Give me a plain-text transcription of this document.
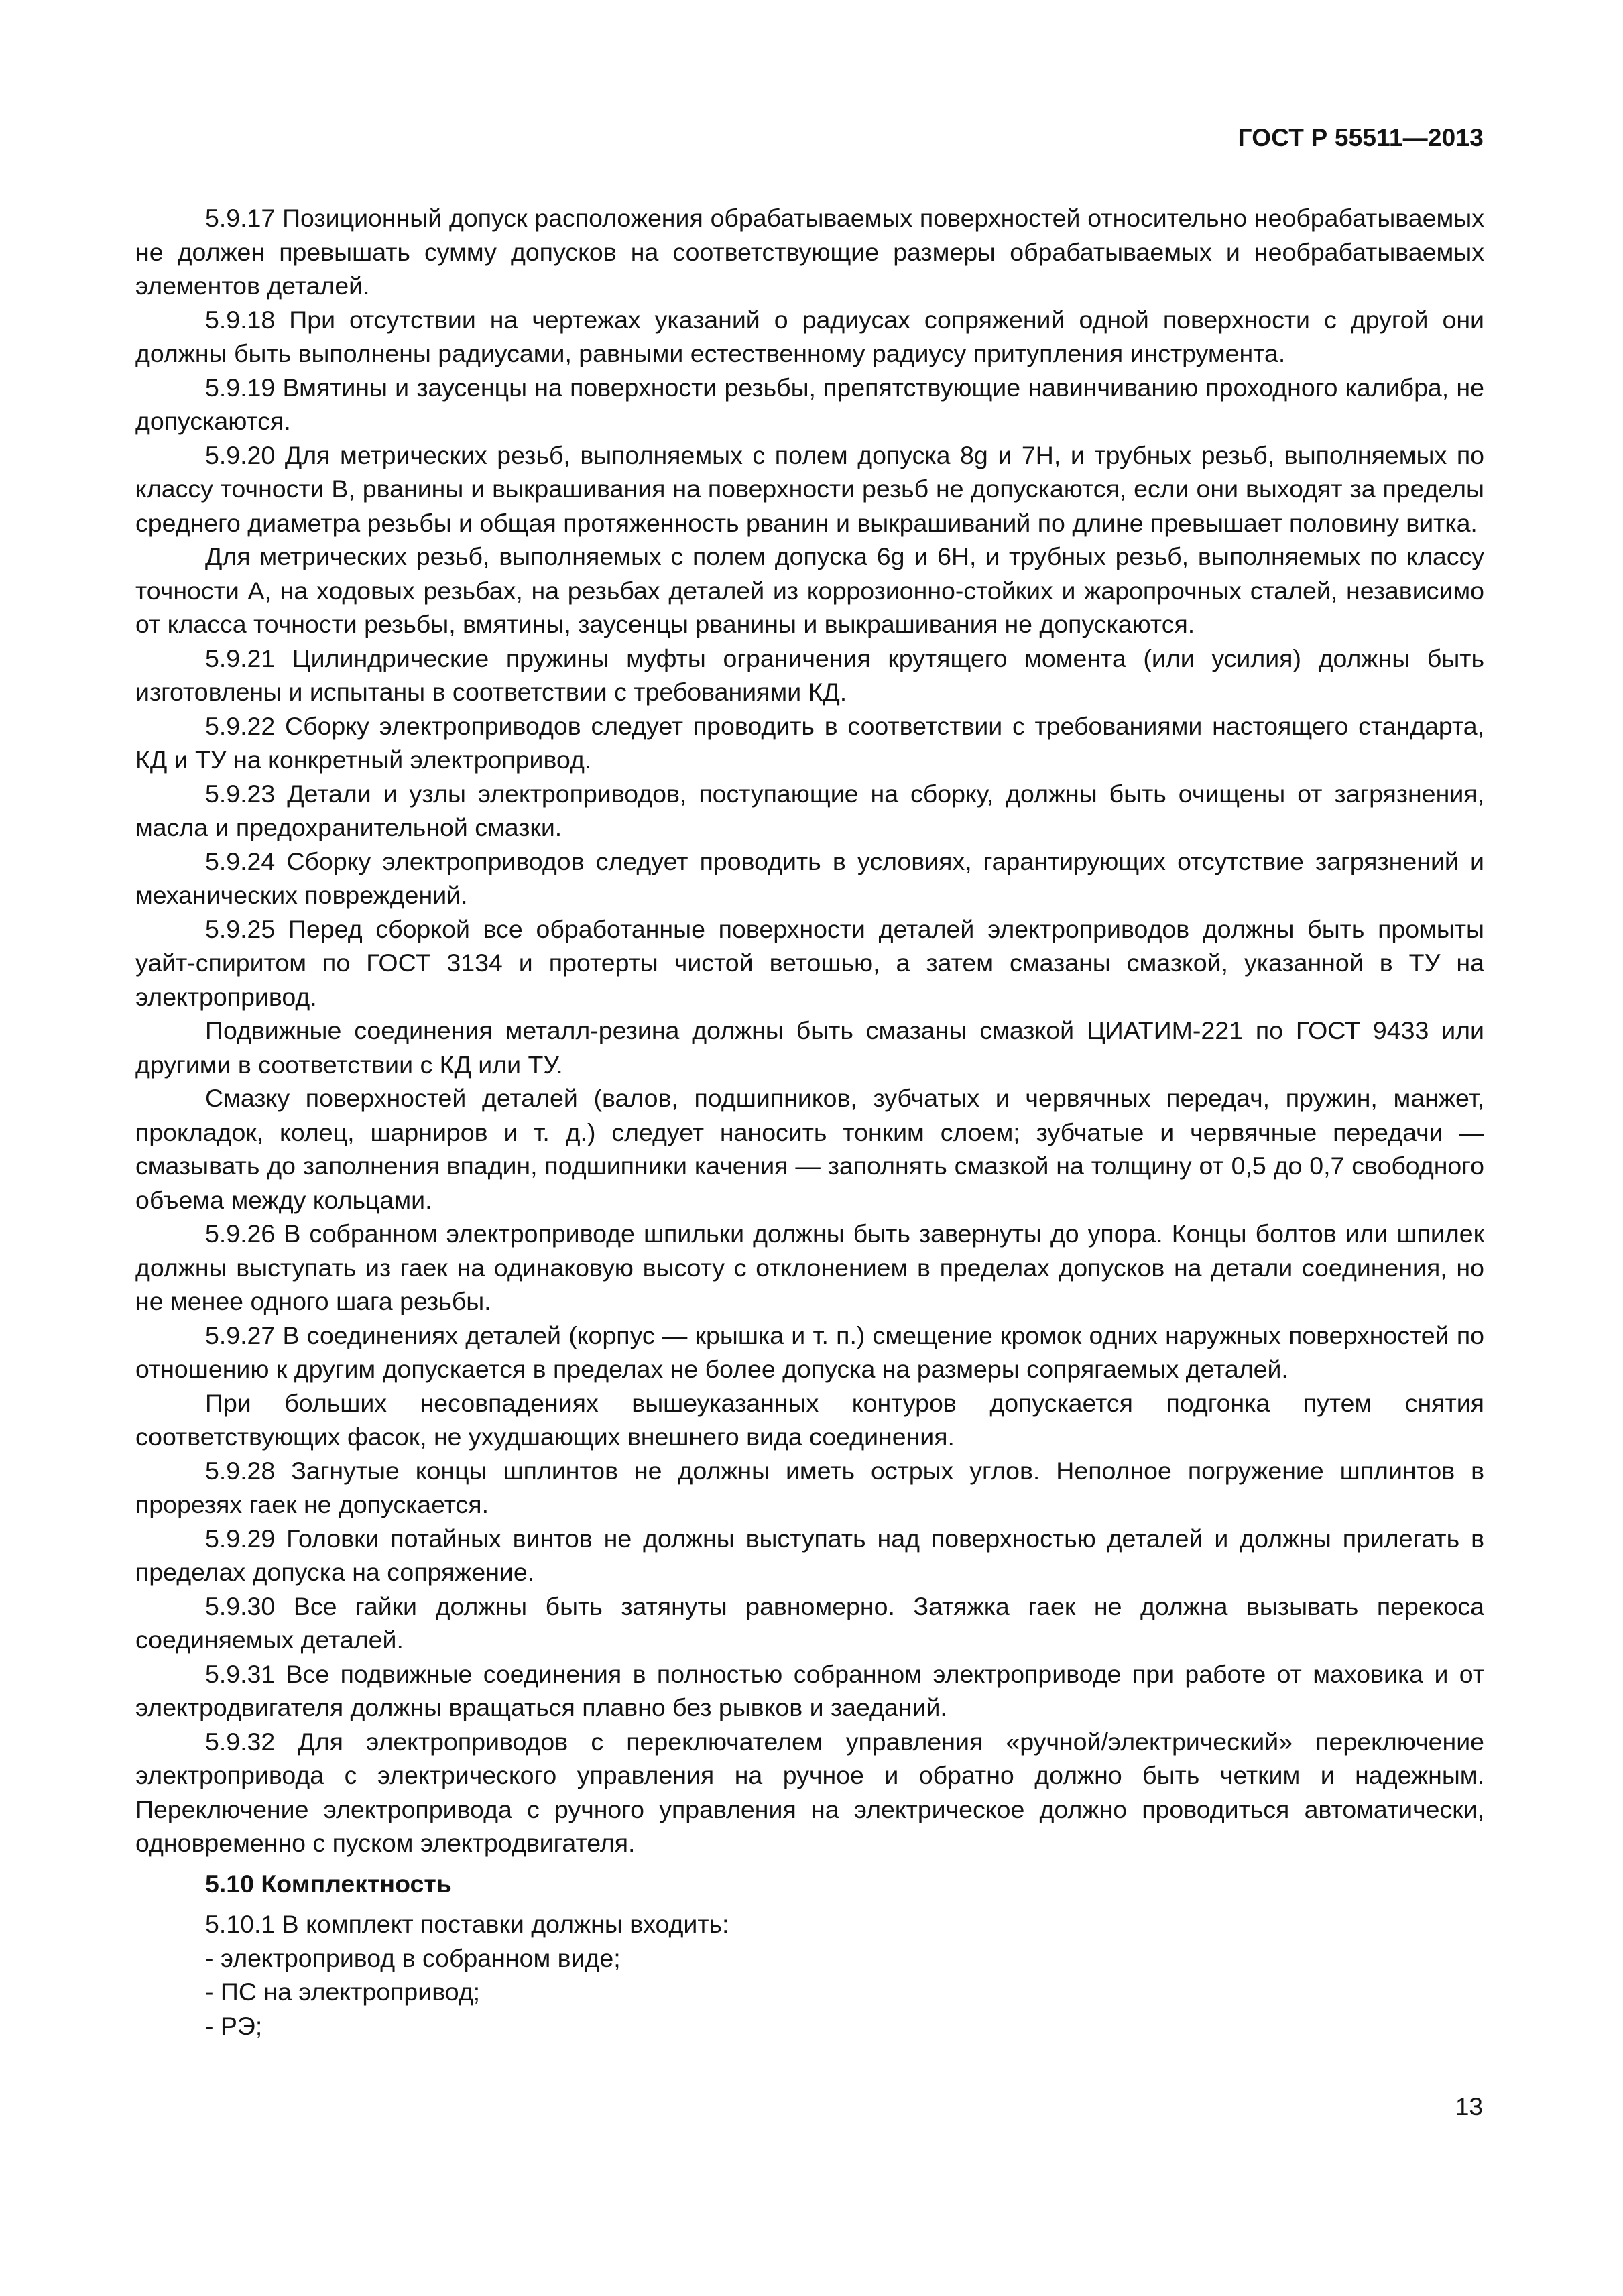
ГОСТ Р 55511—2013

5.9.17 Позиционный допуск расположения обрабатываемых поверхностей относительно необрабатываемых не должен превышать сумму допусков на соответствующие размеры обрабатываемых и необрабатываемых элементов деталей.

5.9.18 При отсутствии на чертежах указаний о радиусах сопряжений одной поверхности с другой они должны быть выполнены радиусами, равными естественному радиусу притупления инструмента.

5.9.19 Вмятины и заусенцы на поверхности резьбы, препятствующие навинчиванию проходного калибра, не допускаются.

5.9.20 Для метрических резьб, выполняемых с полем допуска 8g и 7H, и трубных резьб, выполняемых по классу точности В, рванины и выкрашивания на поверхности резьб не допускаются, если они выходят за пределы среднего диаметра резьбы и общая протяженность рванин и выкрашиваний по длине превышает половину витка.

Для метрических резьб, выполняемых с полем допуска 6g и 6H, и трубных резьб, выполняемых по классу точности А, на ходовых резьбах, на резьбах деталей из коррозионно-стойких и жаропрочных сталей, независимо от класса точности резьбы, вмятины, заусенцы рванины и выкрашивания не допускаются.

5.9.21 Цилиндрические пружины муфты ограничения крутящего момента (или усилия) должны быть изготовлены и испытаны в соответствии с требованиями КД.

5.9.22 Сборку электроприводов следует проводить в соответствии с требованиями настоящего стандарта, КД и ТУ на конкретный электропривод.

5.9.23 Детали и узлы электроприводов, поступающие на сборку, должны быть очищены от загрязнения, масла и предохранительной смазки.

5.9.24 Сборку электроприводов следует проводить в условиях, гарантирующих отсутствие загрязнений и механических повреждений.

5.9.25 Перед сборкой все обработанные поверхности деталей электроприводов должны быть промыты уайт-спиритом по ГОСТ 3134 и протерты чистой ветошью, а затем смазаны смазкой, указанной в ТУ на электропривод.

Подвижные соединения металл-резина должны быть смазаны смазкой ЦИАТИМ-221 по ГОСТ 9433 или другими в соответствии с КД или ТУ.

Смазку поверхностей деталей (валов, подшипников, зубчатых и червячных передач, пружин, манжет, прокладок, колец, шарниров и т. д.) следует наносить тонким слоем; зубчатые и червячные передачи — смазывать до заполнения впадин, подшипники качения — заполнять смазкой на толщину от 0,5 до 0,7 свободного объема между кольцами.

5.9.26 В собранном электроприводе шпильки должны быть завернуты до упора. Концы болтов или шпилек должны выступать из гаек на одинаковую высоту с отклонением в пределах допусков на детали соединения, но не менее одного шага резьбы.

5.9.27 В соединениях деталей (корпус — крышка и т. п.) смещение кромок одних наружных поверхностей по отношению к другим допускается в пределах не более допуска на размеры сопрягаемых деталей.

При больших несовпадениях вышеуказанных контуров допускается подгонка путем снятия соответствующих фасок, не ухудшающих внешнего вида соединения.

5.9.28 Загнутые концы шплинтов не должны иметь острых углов. Неполное погружение шплинтов в прорезях гаек не допускается.

5.9.29 Головки потайных винтов не должны выступать над поверхностью деталей и должны прилегать в пределах допуска на сопряжение.

5.9.30 Все гайки должны быть затянуты равномерно. Затяжка гаек не должна вызывать перекоса соединяемых деталей.

5.9.31 Все подвижные соединения в полностью собранном электроприводе при работе от маховика и от электродвигателя должны вращаться плавно без рывков и заеданий.

5.9.32 Для электроприводов с переключателем управления «ручной/электрический» переключение электропривода с электрического управления на ручное и обратно должно быть четким и надежным. Переключение электропривода с ручного управления на электрическое должно проводиться автоматически, одновременно с пуском электродвигателя.

5.10 Комплектность

5.10.1 В комплект поставки должны входить:

- электропривод в собранном виде;

- ПС на электропривод;

- РЭ;

13
